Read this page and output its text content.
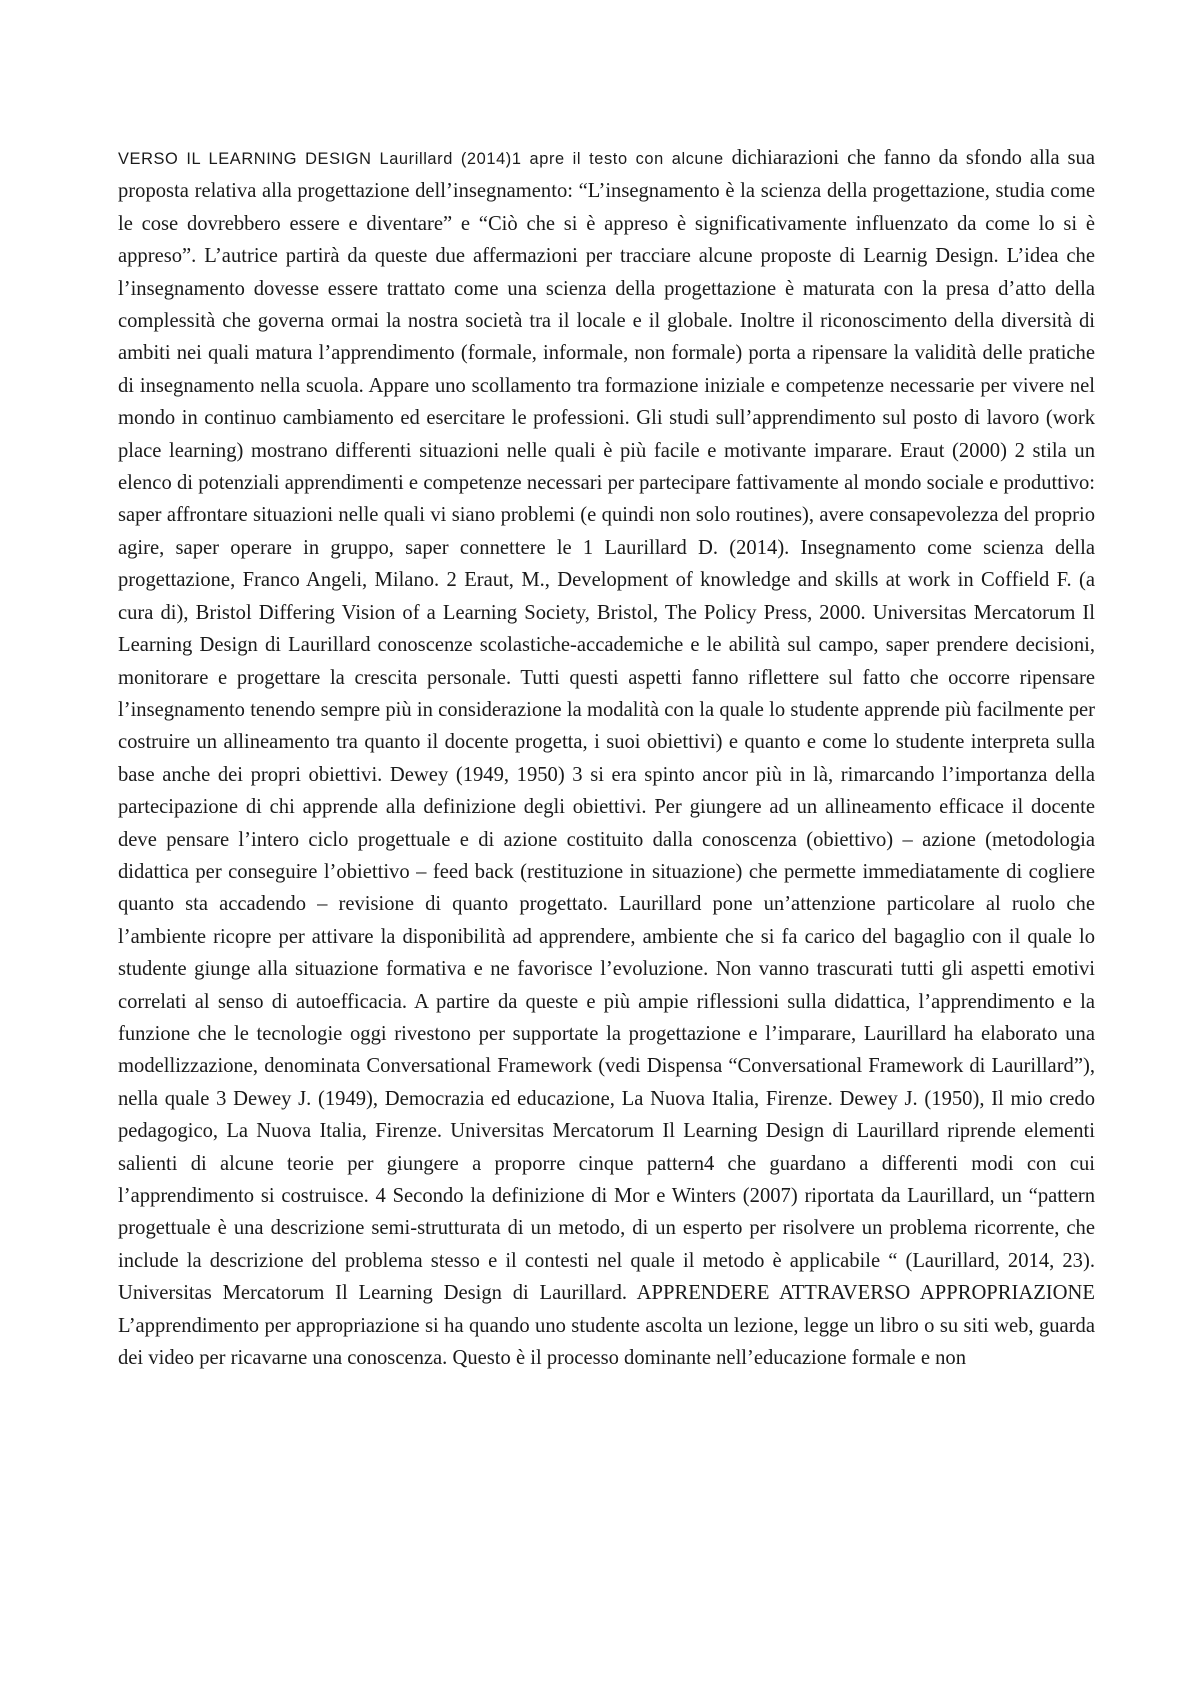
VERSO IL LEARNING DESIGN Laurillard (2014)1 apre il testo con alcune dichiarazioni che fanno da sfondo alla sua proposta relativa alla progettazione dell’insegnamento: “L’insegnamento è la scienza della progettazione, studia come le cose dovrebbero essere e diventare” e “Ciò che si è appreso è significativamente influenzato da come lo si è appreso”. L’autrice partirà da queste due affermazioni per tracciare alcune proposte di Learnig Design. L’idea che l’insegnamento dovesse essere trattato come una scienza della progettazione è maturata con la presa d’atto della complessità che governa ormai la nostra società tra il locale e il globale. Inoltre il riconoscimento della diversità di ambiti nei quali matura l’apprendimento (formale, informale, non formale) porta a ripensare la validità delle pratiche di insegnamento nella scuola. Appare uno scollamento tra formazione iniziale e competenze necessarie per vivere nel mondo in continuo cambiamento ed esercitare le professioni. Gli studi sull’apprendimento sul posto di lavoro (work place learning) mostrano differenti situazioni nelle quali è più facile e motivante imparare. Eraut (2000) 2 stila un elenco di potenziali apprendimenti e competenze necessari per partecipare fattivamente al mondo sociale e produttivo: saper affrontare situazioni nelle quali vi siano problemi (e quindi non solo routines), avere consapevolezza del proprio agire, saper operare in gruppo, saper connettere le 1 Laurillard D. (2014). Insegnamento come scienza della progettazione, Franco Angeli, Milano. 2 Eraut, M., Development of knowledge and skills at work in Coffield F. (a cura di), Bristol Differing Vision of a Learning Society, Bristol, The Policy Press, 2000. Universitas Mercatorum Il Learning Design di Laurillard conoscenze scolastiche-accademiche e le abilità sul campo, saper prendere decisioni, monitorare e progettare la crescita personale. Tutti questi aspetti fanno riflettere sul fatto che occorre ripensare l’insegnamento tenendo sempre più in considerazione la modalità con la quale lo studente apprende più facilmente per costruire un allineamento tra quanto il docente progetta, i suoi obiettivi) e quanto e come lo studente interpreta sulla base anche dei propri obiettivi. Dewey (1949, 1950) 3 si era spinto ancor più in là, rimarcando l’importanza della partecipazione di chi apprende alla definizione degli obiettivi. Per giungere ad un allineamento efficace il docente deve pensare l’intero ciclo progettuale e di azione costituito dalla conoscenza (obiettivo) – azione (metodologia didattica per conseguire l’obiettivo – feed back (restituzione in situazione) che permette immediatamente di cogliere quanto sta accadendo – revisione di quanto progettato. Laurillard pone un’attenzione particolare al ruolo che l’ambiente ricopre per attivare la disponibilità ad apprendere, ambiente che si fa carico del bagaglio con il quale lo studente giunge alla situazione formativa e ne favorisce l’evoluzione. Non vanno trascurati tutti gli aspetti emotivi correlati al senso di autoefficacia. A partire da queste e più ampie riflessioni sulla didattica, l’apprendimento e la funzione che le tecnologie oggi rivestono per supportate la progettazione e l’imparare, Laurillard ha elaborato una modellizzazione, denominata Conversational Framework (vedi Dispensa “Conversational Framework di Laurillard”), nella quale 3 Dewey J. (1949), Democrazia ed educazione, La Nuova Italia, Firenze. Dewey J. (1950), Il mio credo pedagogico, La Nuova Italia, Firenze. Universitas Mercatorum Il Learning Design di Laurillard riprende elementi salienti di alcune teorie per giungere a proporre cinque pattern4 che guardano a differenti modi con cui l’apprendimento si costruisce. 4 Secondo la definizione di Mor e Winters (2007) riportata da Laurillard, un “pattern progettuale è una descrizione semi-strutturata di un metodo, di un esperto per risolvere un problema ricorrente, che include la descrizione del problema stesso e il contesti nel quale il metodo è applicabile “ (Laurillard, 2014, 23). Universitas Mercatorum Il Learning Design di Laurillard. APPRENDERE ATTRAVERSO APPROPRIAZIONE L’apprendimento per appropriazione si ha quando uno studente ascolta un lezione, legge un libro o su siti web, guarda dei video per ricavarne una conoscenza. Questo è il processo dominante nell’educazione formale e non
